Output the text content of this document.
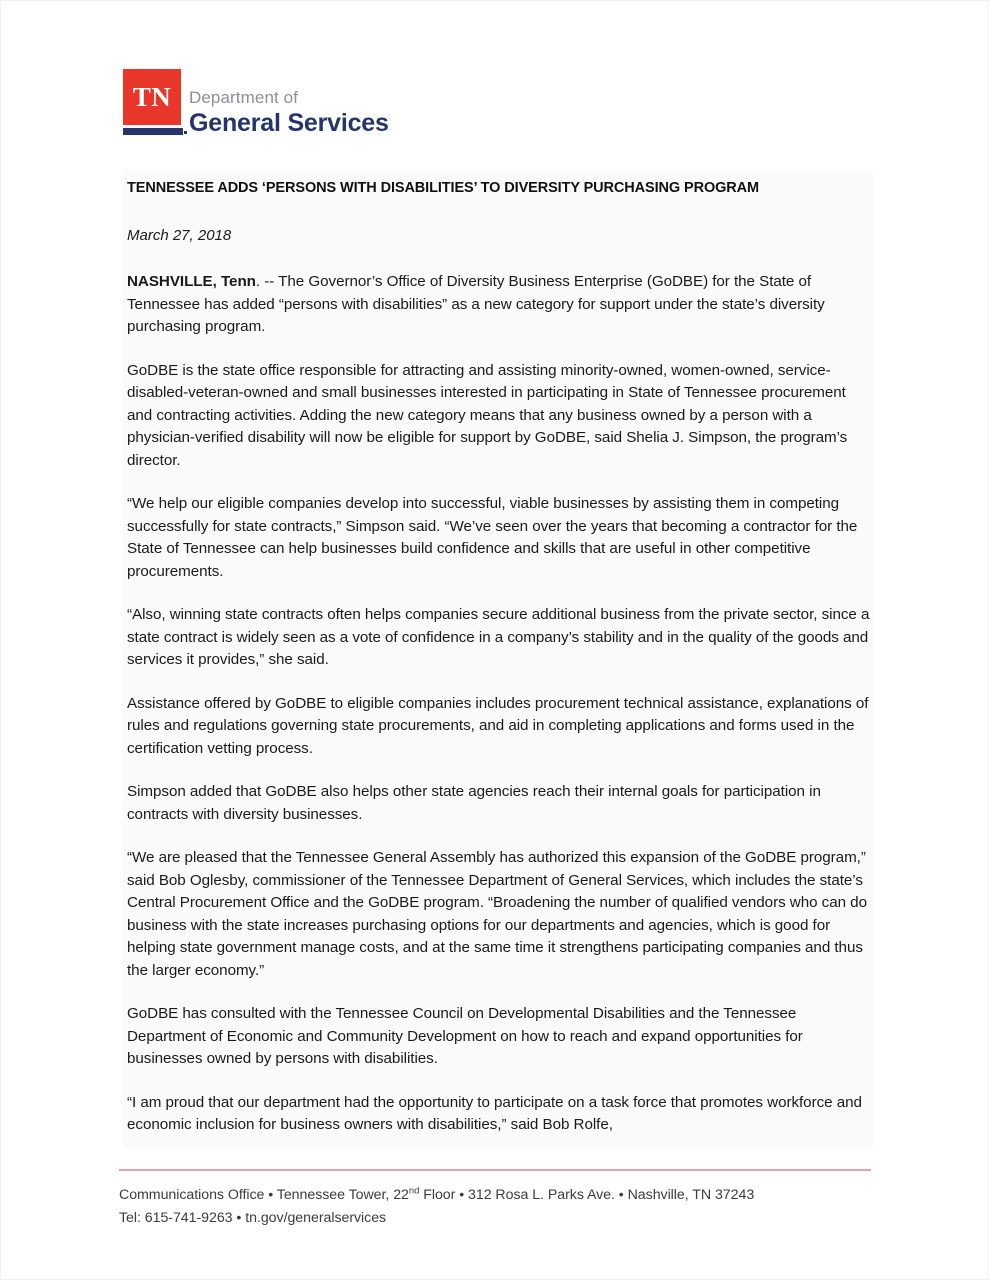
TN	Department of
General Services
TENNESSEE ADDS ‘PERSONS WITH DISABILITIES’ TO DIVERSITY PURCHASING PROGRAM
March 27, 2018

NASHVILLE, Tenn. -- The Governor’s Office of Diversity Business Enterprise (GoDBE) for the State of Tennessee has added “persons with disabilities” as a new category for support under the state’s diversity purchasing program.

GoDBE is the state office responsible for attracting and assisting minority-owned, women-owned, service-disabled-veteran-owned and small businesses interested in participating in State of Tennessee procurement and contracting activities. Adding the new category means that any business owned by a person with a physician-verified disability will now be eligible for support by GoDBE, said Shelia J. Simpson, the program’s director.

“We help our eligible companies develop into successful, viable businesses by assisting them in competing successfully for state contracts,” Simpson said. “We’ve seen over the years that becoming a contractor for the State of Tennessee can help businesses build confidence and skills that are useful in other competitive procurements.

“Also, winning state contracts often helps companies secure additional business from the private sector, since a state contract is widely seen as a vote of confidence in a company’s stability and in the quality of the goods and services it provides,” she said.

Assistance offered by GoDBE to eligible companies includes procurement technical assistance, explanations of rules and regulations governing state procurements, and aid in completing applications and forms used in the certification vetting process.

Simpson added that GoDBE also helps other state agencies reach their internal goals for participation in contracts with diversity businesses.

“We are pleased that the Tennessee General Assembly has authorized this expansion of the GoDBE program,” said Bob Oglesby, commissioner of the Tennessee Department of General Services, which includes the state’s Central Procurement Office and the GoDBE program. “Broadening the number of qualified vendors who can do business with the state increases purchasing options for our departments and agencies, which is good for helping state government manage costs, and at the same time it strengthens participating companies and thus the larger economy.”

GoDBE has consulted with the Tennessee Council on Developmental Disabilities and the Tennessee Department of Economic and Community Development on how to reach and expand opportunities for businesses owned by persons with disabilities.

“I am proud that our department had the opportunity to participate on a task force that promotes workforce and economic inclusion for business owners with disabilities,” said Bob Rolfe,

Communications Office • Tennessee Tower, 22nd Floor • 312 Rosa L. Parks Ave. • Nashville, TN 37243
Tel: 615-741-9263 • tn.gov/generalservices
